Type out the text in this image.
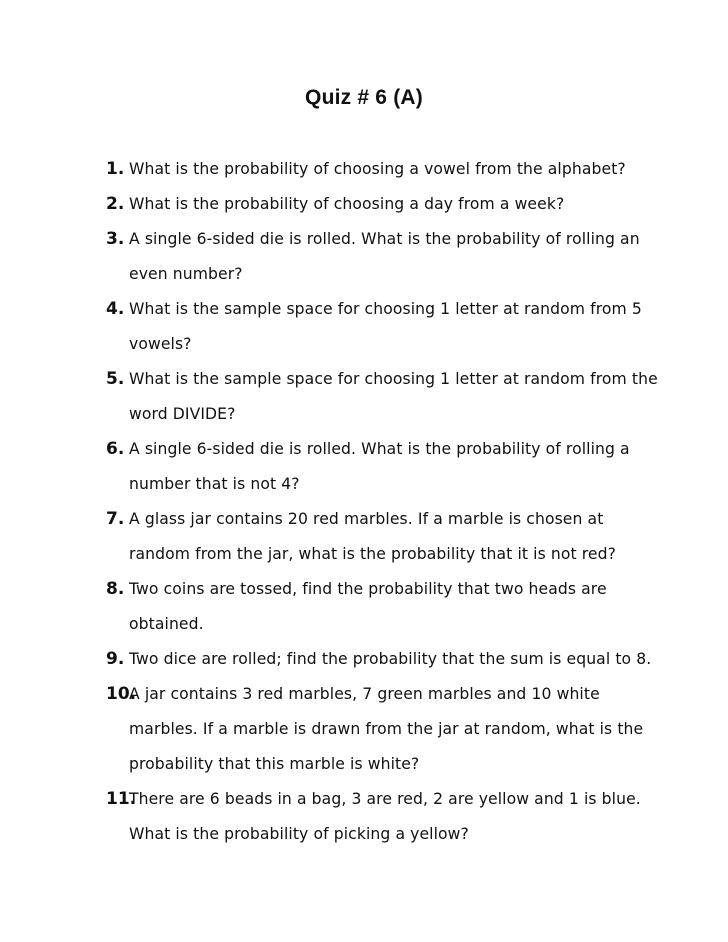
Quiz # 6 (A)
1. What is the probability of choosing a vowel from the alphabet?
2. What is the probability of choosing a day from a week?
3. A single 6-sided die is rolled. What is the probability of rolling an
even number?
4. What is the sample space for choosing 1 letter at random from 5
vowels?
5. What is the sample space for choosing 1 letter at random from the
word DIVIDE?
6. A single 6-sided die is rolled. What is the probability of rolling a
number that is not 4?
7. A glass jar contains 20 red marbles. If a marble is chosen at
random from the jar, what is the probability that it is not red?
8. Two coins are tossed, find the probability that two heads are
obtained.
9. Two dice are rolled; find the probability that the sum is equal to 8.
10.
A jar contains 3 red marbles, 7 green marbles and 10 white
marbles. If a marble is drawn from the jar at random, what is the
probability that this marble is white?
11.
There are 6 beads in a bag, 3 are red, 2 are yellow and 1 is blue.
What is the probability of picking a yellow?
